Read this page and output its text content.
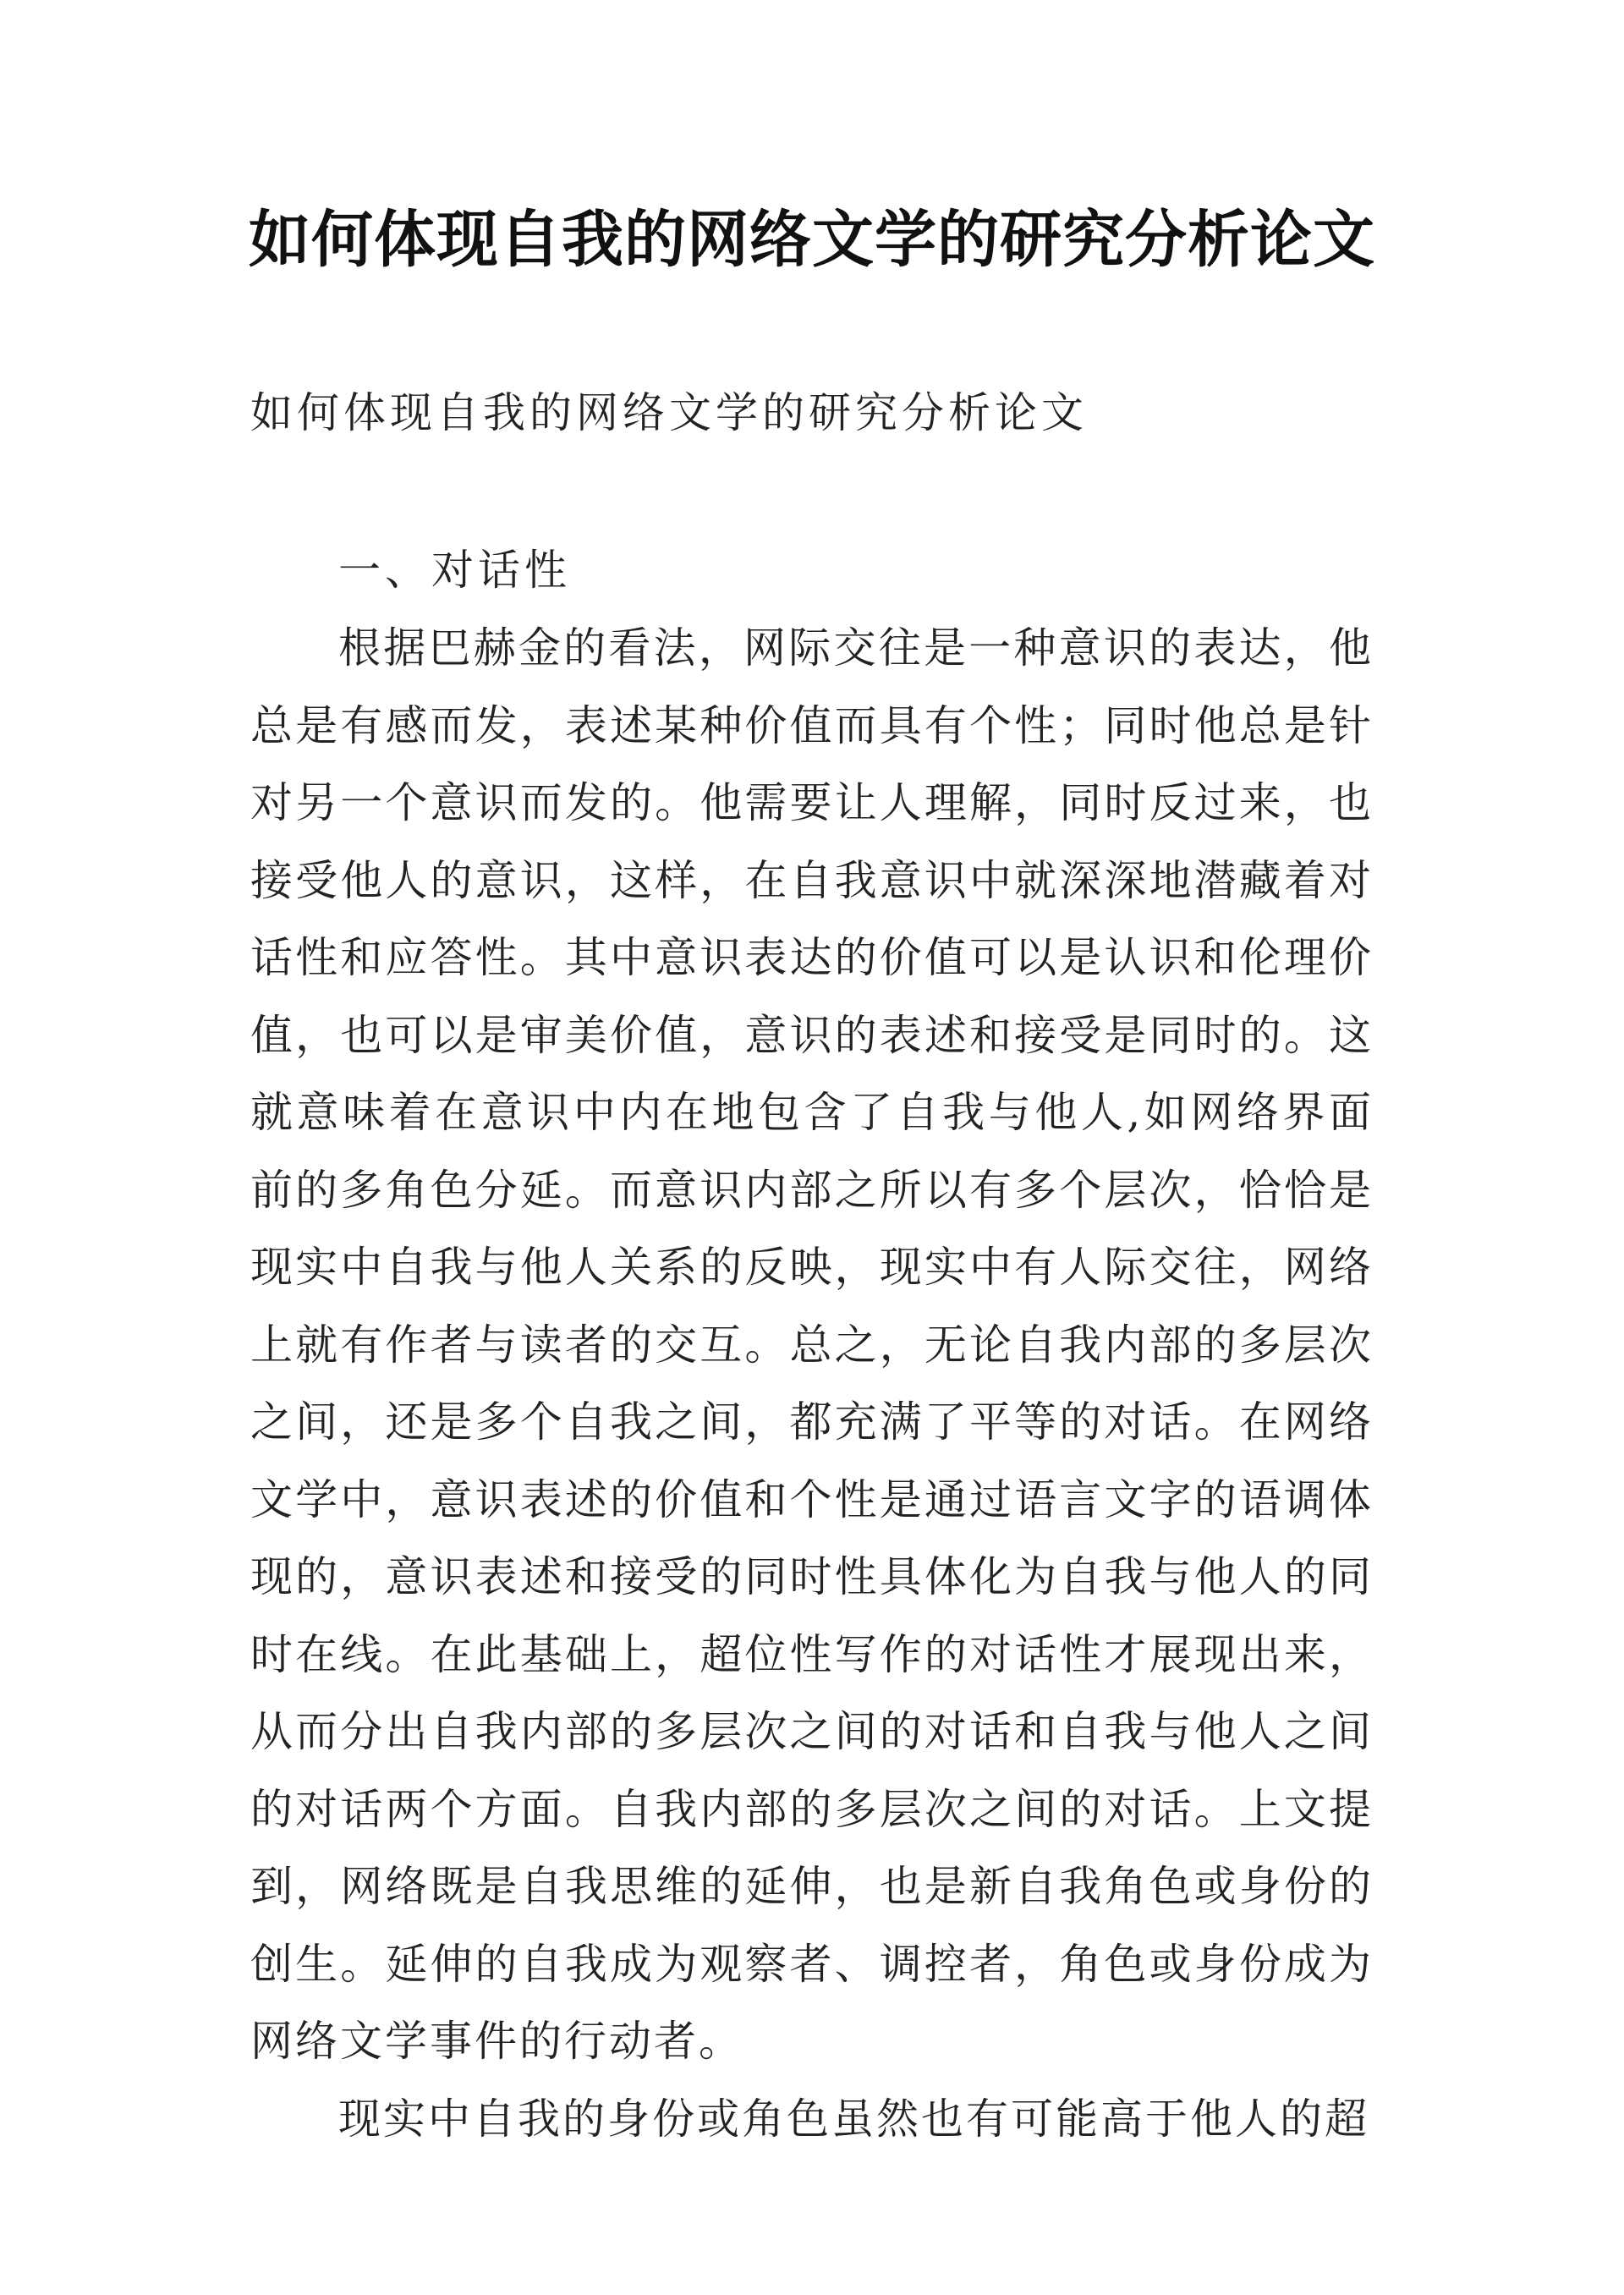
如何体现自我的网络文学的研究分析论文
如何体现自我的网络文学的研究分析论文
一、对话性

根据巴赫金的看法，网际交往是一种意识的表达，他总是有感而发，表述某种价值而具有个性；同时他总是针对另一个意识而发的。他需要让人理解，同时反过来，也接受他人的意识，这样，在自我意识中就深深地潜藏着对话性和应答性。其中意识表达的价值可以是认识和伦理价值，也可以是审美价值，意识的表述和接受是同时的。这就意味着在意识中内在地包含了自我与他人,如网络界面前的多角色分延。而意识内部之所以有多个层次，恰恰是现实中自我与他人关系的反映，现实中有人际交往，网络上就有作者与读者的交互。总之，无论自我内部的多层次之间，还是多个自我之间，都充满了平等的对话。在网络文学中，意识表述的价值和个性是通过语言文字的语调体现的，意识表述和接受的同时性具体化为自我与他人的同时在线。在此基础上，超位性写作的对话性才展现出来，从而分出自我内部的多层次之间的对话和自我与他人之间的对话两个方面。自我内部的多层次之间的对话。上文提到，网络既是自我思维的延伸，也是新自我角色或身份的创生。延伸的自我成为观察者、调控者，角色或身份成为网络文学事件的行动者。

现实中自我的身份或角色虽然也有可能高于他人的超
